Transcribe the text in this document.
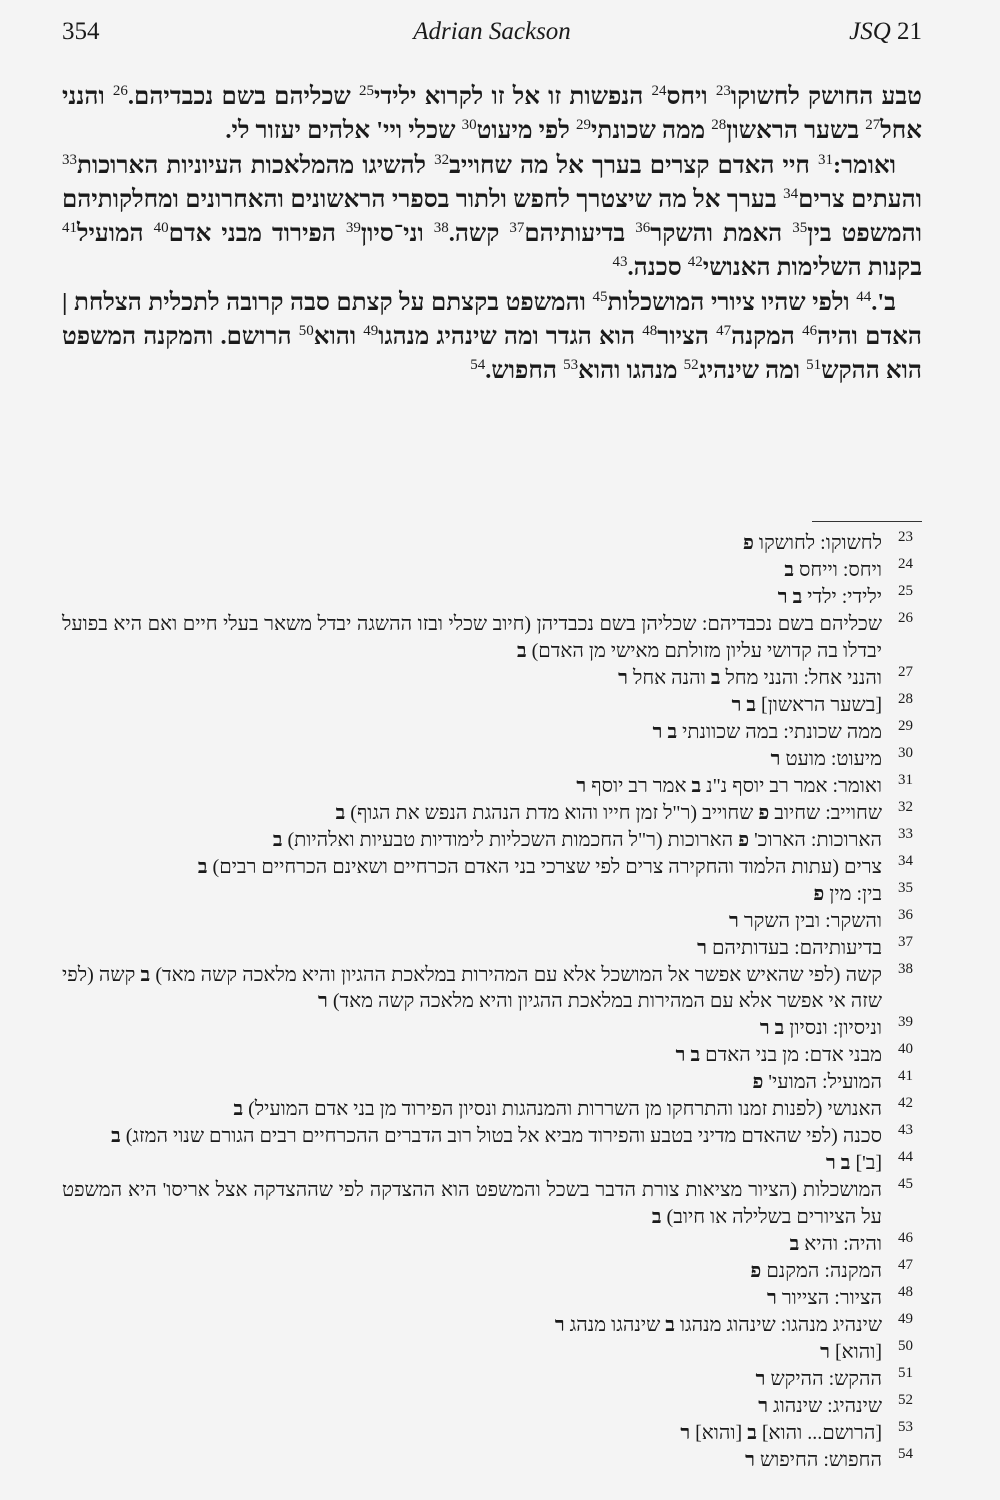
354	Adrian Sackson	JSQ 21

טבע החושק לחשוקו$^{23}$ ויחס$^{24}$ הנפשות זו אל זו לקרוא ילידי$^{25}$ שכליהם בשם נכבדיהם.$^{26}$ והנני אחל$^{27}$ בשער הראשון$^{28}$ ממה שכונתי$^{29}$ לפי מיעוט$^{30}$ שכלי ויי' אלהים יעזור לי.

ואומר:$^{31}$ חיי האדם קצרים בערך אל מה שחוייב$^{32}$ להשיגו מהמלאכות העיוניות הארוכות$^{33}$ והעתים צרים$^{34}$ בערך אל מה שיצטרך לחפש ולתור בספרי הראשונים והאחרונים ומחלקותיהם והמשפט בין$^{35}$ האמת והשקר$^{36}$ בדיעותיהם$^{37}$ קשה.$^{38}$ וני־סיון$^{39}$ הפירוד מבני אדם$^{40}$ המועיל$^{41}$ בקנות השלימות האנושי$^{42}$ סכנה.$^{43}$

ב'.$^{44}$ ולפי שהיו ציורי המושכלות$^{45}$ והמשפט בקצתם על קצתם סבה קרובה לתכלית הצלחת | האדם והיה$^{46}$ המקנה$^{47}$ הציור$^{48}$ הוא הגדר ומה שינהיג מנהגו$^{49}$ והוא$^{50}$ הרושם. והמקנה המשפט הוא ההקש$^{51}$ ומה שינהיג$^{52}$ מנהגו והוא$^{53}$ החפוש.$^{54}$

23
לחשוקו: לחושקו פ
24
ויחס: וייחס ב
25
ילידי: ילדי ב ר
26
שכליהם בשם נכבדיהם: שכליהן בשם נכבדיהן (חיוב שכלי ובזו ההשגה יבדל משאר בעלי חיים ואם היא בפועל יבדלו בה קדושי עליון מזולתם מאישי מן האדם) ב
27
והנני אחל: והנני מחל ב והנה אחל ר
28
[בשער הראשון] ב ר
29
ממה שכונתי: במה שכוונתי ב ר
30
מיעוט: מועט ר
31
ואומר: אמר רב יוסף נ"נ ב אמר רב יוסף ר
32
שחוייב: שחיוב פ שחוייב (ר"ל זמן חייו והוא מדת הנהגת הנפש את הגוף) ב
33
הארוכות: הארוכ' פ הארוכות (ר"ל החכמות השכליות לימודיות טבעיות ואלהיות) ב
34
צרים (עתות הלמוד והחקירה צרים לפי שצרכי בני האדם הכרחיים ושאינם הכרחיים רבים) ב
35
בין: מין פ
36
והשקר: ובין השקר ר
37
בדיעותיהם: בעדותיהם ר
38
קשה (לפי שהאיש אפשר אל המושכל אלא עם המהירות במלאכת ההגיון והיא מלאכה קשה מאד) ב קשה (לפי שזה אי אפשר אלא עם המהירות במלאכת ההגיון והיא מלאכה קשה מאד) ר
39
וניסיון: ונסיון ב ר
40
מבני אדם: מן בני האדם ב ר
41
המועיל: המועי' פ
42
האנושי (לפנות זמנו והתרחקו מן השררות והמנהגות ונסיון הפירוד מן בני אדם המועיל) ב
43
סכנה (לפי שהאדם מדיני בטבע והפירוד מביא אל בטול רוב הדברים ההכרחיים רבים הגורם שנוי המזג) ב
44
[ב'] ב ר
45
המושכלות (הציור מציאות צורת הדבר בשכל והמשפט הוא ההצדקה לפי שההצדקה אצל אריסו' היא המשפט על הציורים בשלילה או חיוב) ב
46
והיה: והיא ב
47
המקנה: המקנם פ
48
הציור: הצייור ר
49
שינהיג מנהגו: שינהוג מנהגו ב שינהגו מנהג ר
50
[והוא] ר
51
ההקש: ההיקש ר
52
שינהיג: שינהוג ר
53
[הרושם... והוא] ב [והוא] ר
54
החפוש: החיפוש ר
